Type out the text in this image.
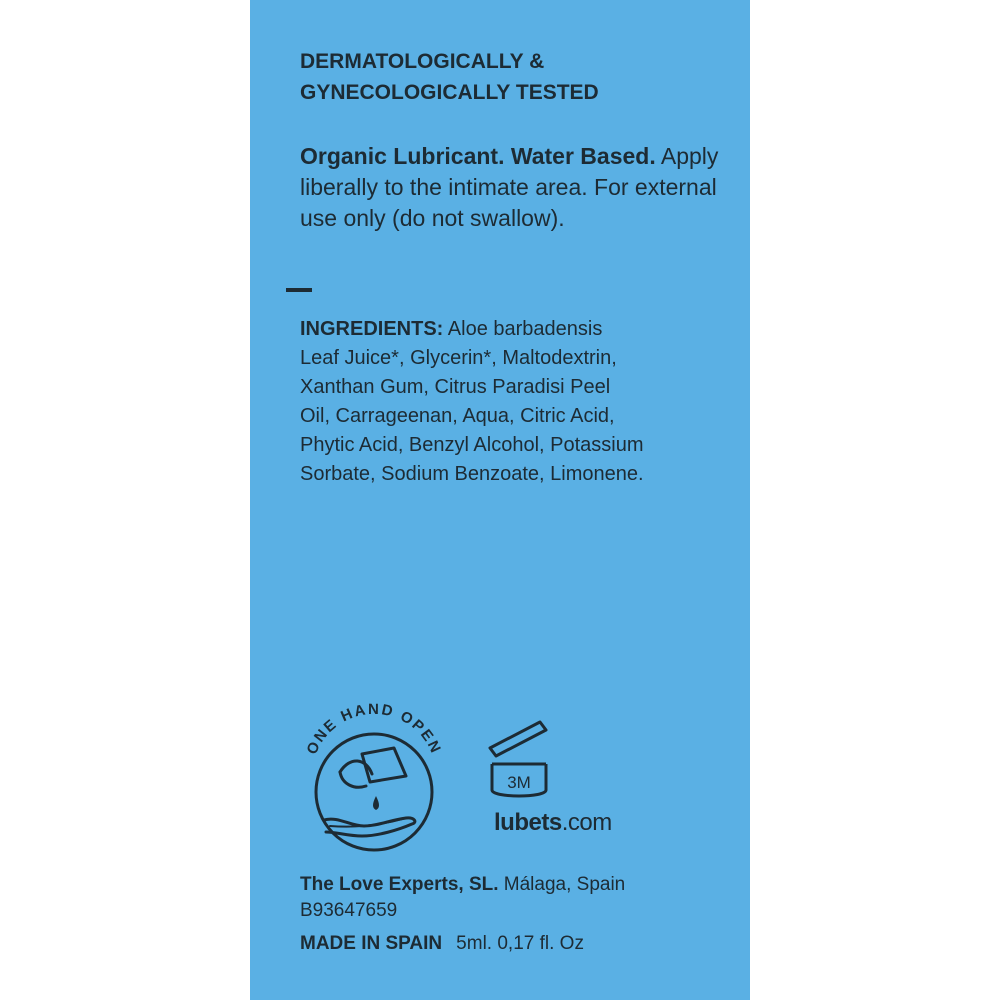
DERMATOLOGICALLY &
GYNECOLOGICALLY TESTED
Organic Lubricant. Water Based. Apply liberally to the intimate area. For external use only (do not swallow).
INGREDIENTS: Aloe barbadensis
Leaf Juice*, Glycerin*, Maltodextrin,
Xanthan Gum, Citrus Paradisi Peel
Oil, Carrageenan, Aqua, Citric Acid,
Phytic Acid, Benzyl Alcohol, Potassium
Sorbate, Sodium Benzoate, Limonene.
ONE HAND OPEN
3M
lubets.com
The Love Experts, SL. Málaga, Spain
B93647659
MADE IN SPAIN 5ml. 0,17 fl. Oz
